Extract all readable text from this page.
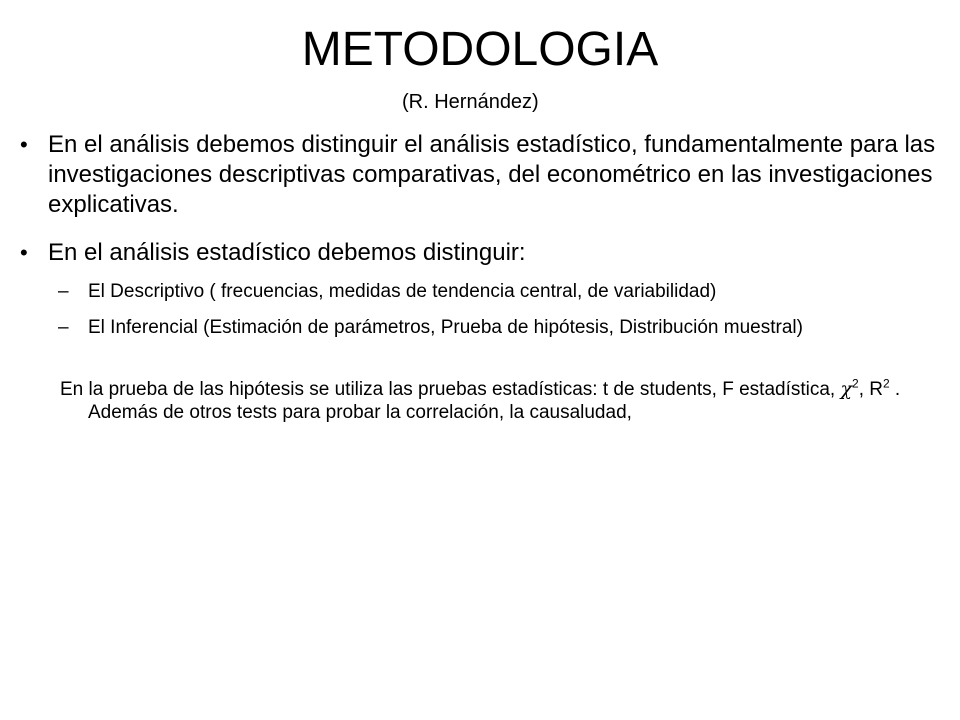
METODOLOGIA
(R. Hernández)
• En el análisis debemos distinguir el análisis estadístico, fundamentalmente para las investigaciones descriptivas comparativas, del econométrico en las investigaciones explicativas.
• En el análisis estadístico debemos distinguir:
– El Descriptivo ( frecuencias, medidas de tendencia central, de variabilidad)
– El Inferencial (Estimación de parámetros, Prueba de hipótesis, Distribución muestral)
En la prueba de las hipótesis se utiliza las pruebas estadísticas: t de students, F estadística, $\chi^2$, $R^2$ . Además de otros tests para probar la correlación, la causaludad,
